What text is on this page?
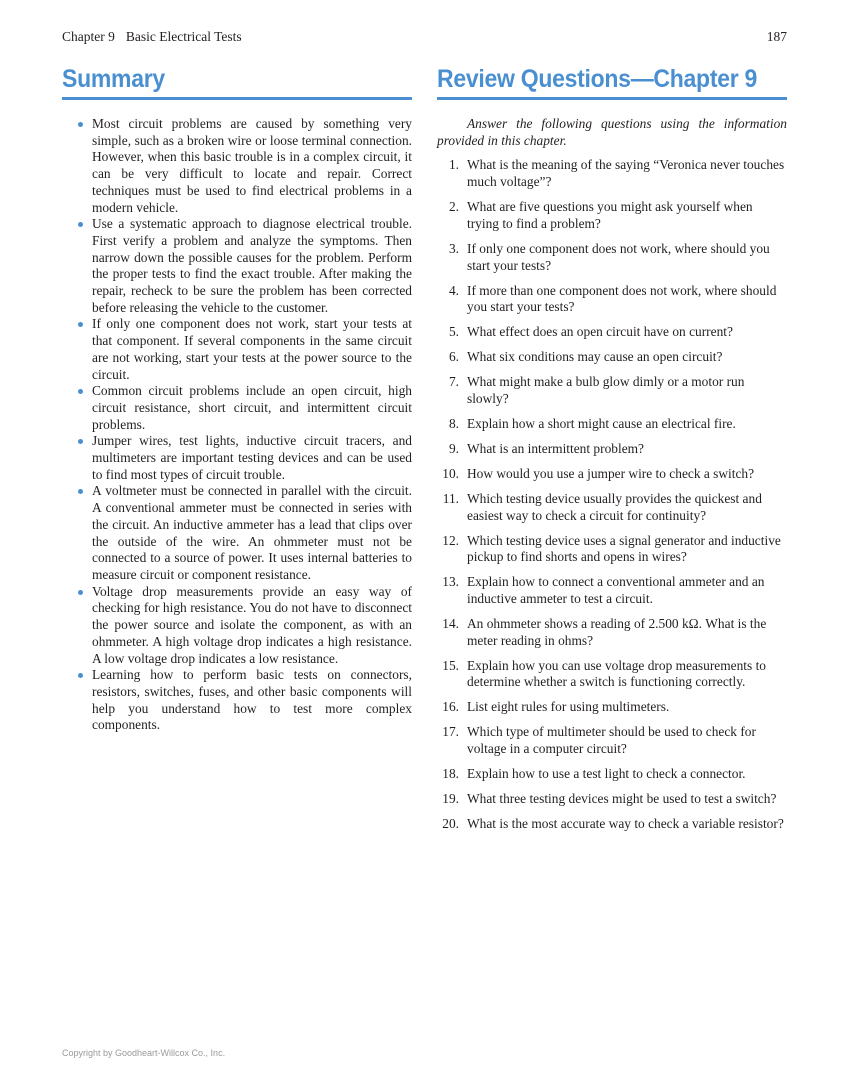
Chapter 9 Basic Electrical Tests	187
Summary
Most circuit problems are caused by something very simple, such as a broken wire or loose terminal connection. However, when this basic trouble is in a complex circuit, it can be very difficult to locate and repair. Correct techniques must be used to find electrical problems in a modern vehicle.
Use a systematic approach to diagnose electrical trouble. First verify a problem and analyze the symptoms. Then narrow down the possible causes for the problem. Perform the proper tests to find the exact trouble. After making the repair, recheck to be sure the problem has been corrected before releasing the vehicle to the customer.
If only one component does not work, start your tests at that component. If several components in the same circuit are not working, start your tests at the power source to the circuit.
Common circuit problems include an open circuit, high circuit resistance, short circuit, and intermittent circuit problems.
Jumper wires, test lights, inductive circuit tracers, and multimeters are important testing devices and can be used to find most types of circuit trouble.
A voltmeter must be connected in parallel with the circuit. A conventional ammeter must be connected in series with the circuit. An inductive ammeter has a lead that clips over the outside of the wire. An ohmmeter must not be connected to a source of power. It uses internal batteries to measure circuit or component resistance.
Voltage drop measurements provide an easy way of checking for high resistance. You do not have to disconnect the power source and isolate the component, as with an ohmmeter. A high voltage drop indicates a high resistance. A low voltage drop indicates a low resistance.
Learning how to perform basic tests on connectors, resistors, switches, fuses, and other basic components will help you understand how to test more complex components.
Review Questions—Chapter 9

Answer the following questions using the information provided in this chapter.

1. What is the meaning of the saying “Veronica never touches much voltage”?
2. What are five questions you might ask yourself when trying to find a problem?
3. If only one component does not work, where should you start your tests?
4. If more than one component does not work, where should you start your tests?
5. What effect does an open circuit have on current?
6. What six conditions may cause an open circuit?
7. What might make a bulb glow dimly or a motor run slowly?
8. Explain how a short might cause an electrical fire.
9. What is an intermittent problem?
10. How would you use a jumper wire to check a switch?
11. Which testing device usually provides the quickest and easiest way to check a circuit for continuity?
12. Which testing device uses a signal generator and inductive pickup to find shorts and opens in wires?
13. Explain how to connect a conventional ammeter and an inductive ammeter to test a circuit.
14. An ohmmeter shows a reading of 2.500 kΩ. What is the meter reading in ohms?
15. Explain how you can use voltage drop measurements to determine whether a switch is functioning correctly.
16. List eight rules for using multimeters.
17. Which type of multimeter should be used to check for voltage in a computer circuit?
18. Explain how to use a test light to check a connector.
19. What three testing devices might be used to test a switch?
20. What is the most accurate way to check a variable resistor?
Copyright by Goodheart-Willcox Co., Inc.
